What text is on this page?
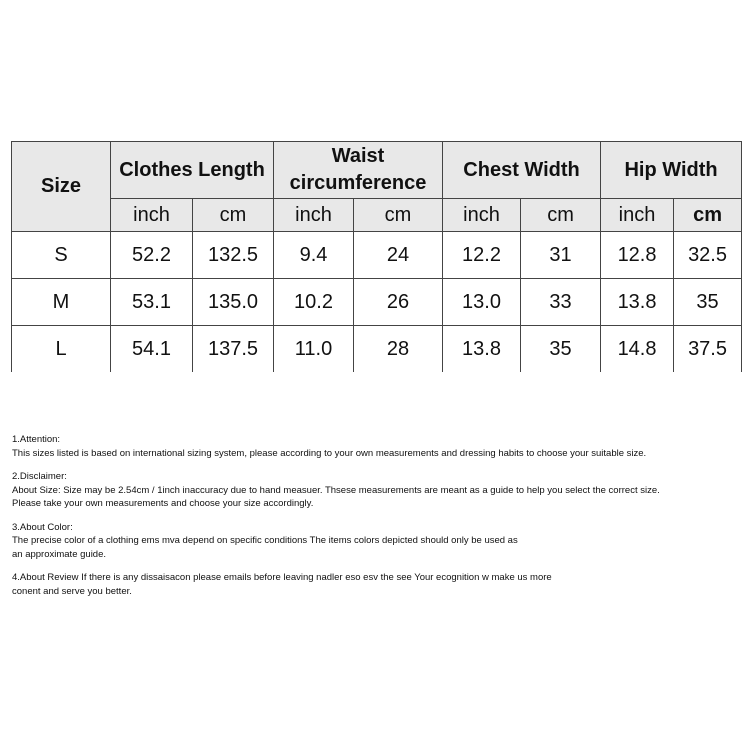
Size	Clothes Length		Waist circumference		Chest Width		Hip Width	
	inch	cm	inch	cm	inch	cm	inch	cm
S	52.2	132.5	9.4	24	12.2	31	12.8	32.5
M	53.1	135.0	10.2	26	13.0	33	13.8	35
L	54.1	137.5	11.0	28	13.8	35	14.8	37.5
1.Attention:
This sizes listed is based on international sizing system, please according to your own measurements and dressing habits to choose your suitable size.
2.Disclaimer:
About Size: Size may be 2.54cm / 1inch inaccuracy due to hand measuer. Thsese measurements are meant as a guide to help you select the correct size.
Please take your own measurements and choose your size accordingly.
3.About Color:
The precise color of a clothing ems mva depend on specific conditions The items colors depicted should only be used as
an approximate guide.
4.About Review If there is any dissaisacon please emails before leaving nadler eso esv the see Your ecognition w make us more
conent and serve you better.
